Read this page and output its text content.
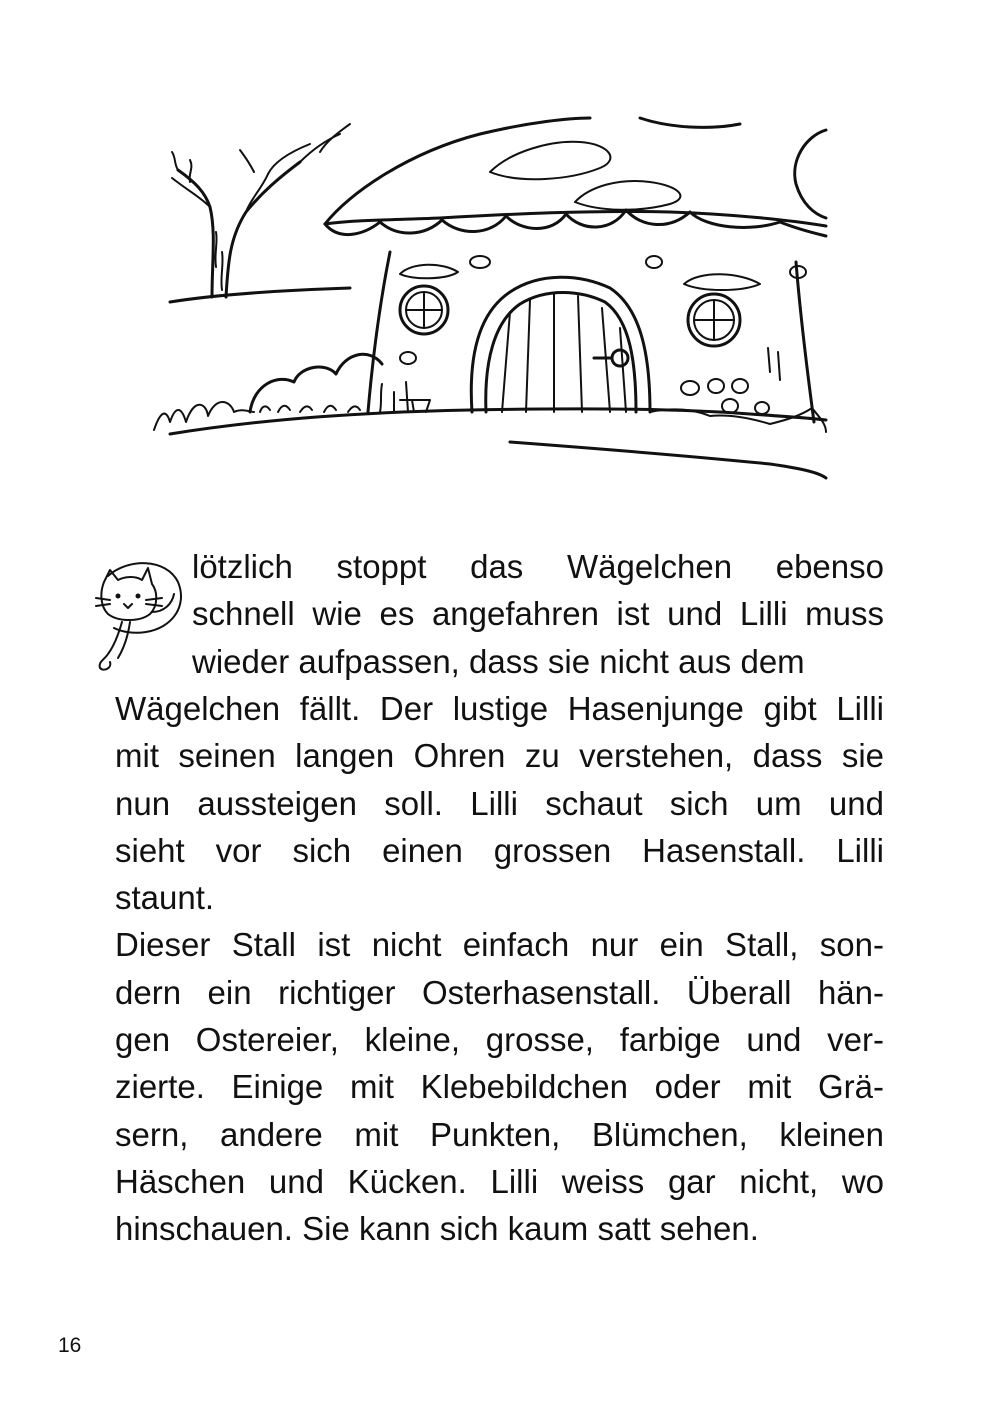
lötzlich stoppt das Wägelchen ebenso
schnell wie es angefahren ist und Lilli muss
wieder aufpassen, dass sie nicht aus dem
Wägelchen fällt. Der lustige Hasenjunge gibt Lilli
mit seinen langen Ohren zu verstehen, dass sie
nun aussteigen soll. Lilli schaut sich um und
sieht vor sich einen grossen Hasenstall. Lilli
staunt.
Dieser Stall ist nicht einfach nur ein Stall, son-
dern ein richtiger Osterhasenstall. Überall hän-
gen Ostereier, kleine, grosse, farbige und ver-
zierte. Einige mit Klebebildchen oder mit Grä-
sern, andere mit Punkten, Blümchen, kleinen
Häschen und Kücken. Lilli weiss gar nicht, wo
hinschauen. Sie kann sich kaum satt sehen.
16
